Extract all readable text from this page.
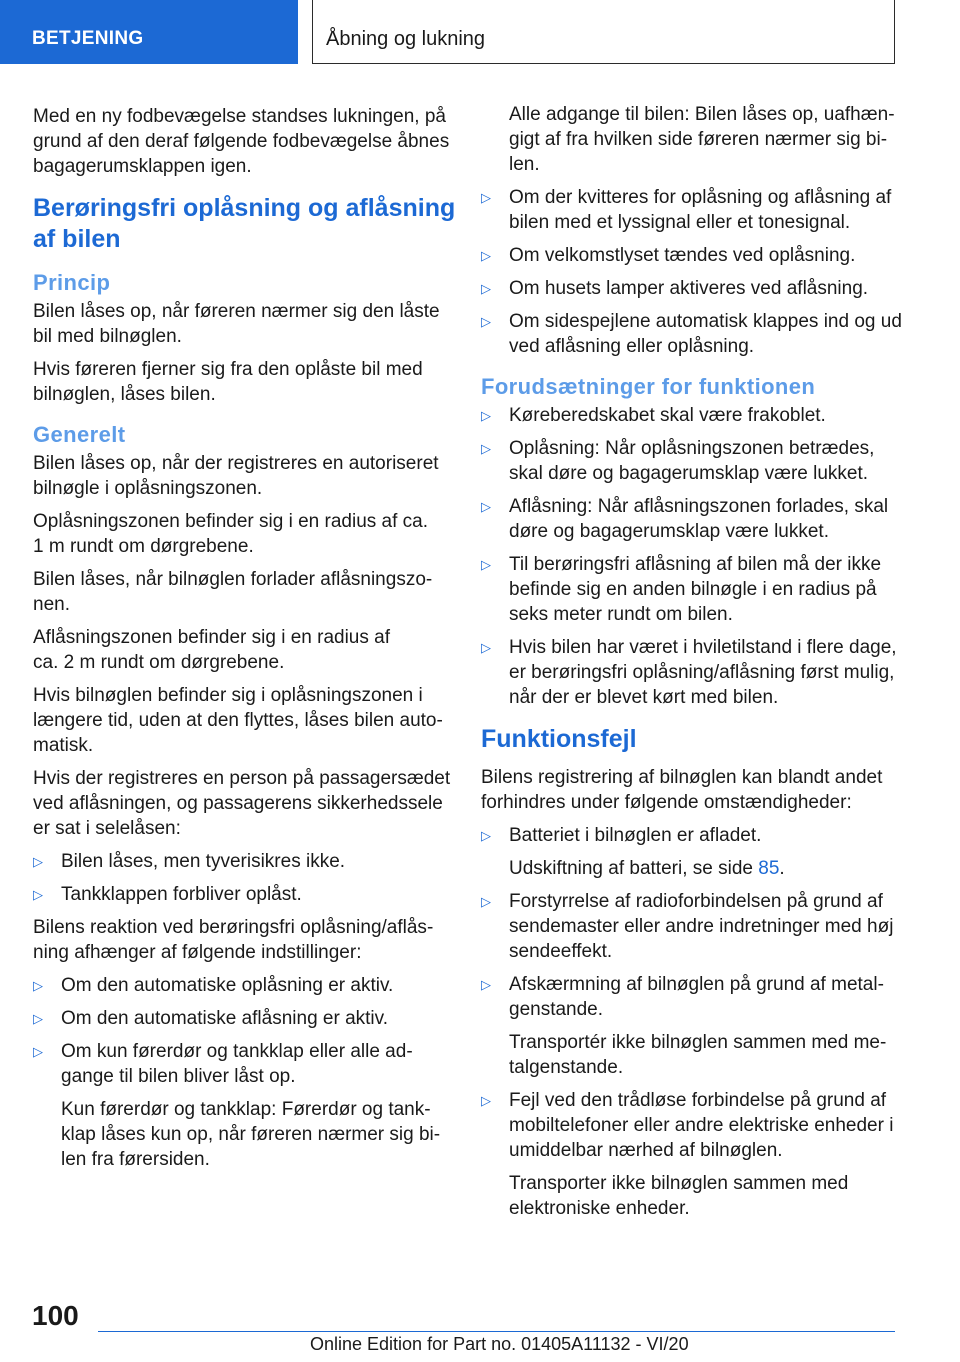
BETJENING	Åbning og lukning

Med en ny fodbevægelse standses lukningen, på grund af den deraf følgende fodbevægelse åbnes bagagerumsklappen igen.

Berøringsfri oplåsning og aflåsning af bilen
Princip

Bilen låses op, når føreren nærmer sig den låste bil med bilnøglen.

Hvis føreren fjerner sig fra den oplåste bil med bilnøglen, låses bilen.

Generelt

Bilen låses op, når der registreres en autoriseret bilnøgle i oplåsningszonen.

Oplåsningszonen befinder sig i en radius af ca.
1 m rundt om dørgrebene.

Bilen låses, når bilnøglen forlader aflåsningszonen.

Aflåsningszonen befinder sig i en radius af
ca. 2 m rundt om dørgrebene.

Hvis bilnøglen befinder sig i oplåsningszonen i længere tid, uden at den flyttes, låses bilen automatisk.

Hvis der registreres en person på passagersædet ved aflåsningen, og passagerens sikkerhedssele er sat i selelåsen:

▷ Bilen låses, men tyverisikres ikke.
▷ Tankklappen forbliver oplåst.

Bilens reaktion ved berøringsfri oplåsning/aflåsning afhænger af følgende indstillinger:

▷ Om den automatiske oplåsning er aktiv.
▷ Om den automatiske aflåsning er aktiv.
▷ Om kun førerdør og tankklap eller alle adgange til bilen bliver låst op.

Kun førerdør og tankklap: Førerdør og tankklap låses kun op, når føreren nærmer sig bilen fra førersiden.

Alle adgange til bilen: Bilen låses op, uafhængigt af fra hvilken side føreren nærmer sig bilen.
▷ Om der kvitteres for oplåsning og aflåsning af bilen med et lyssignal eller et tonesignal.
▷ Om velkomstlyset tændes ved oplåsning.
▷ Om husets lamper aktiveres ved aflåsning.
▷ Om sidespejlene automatisk klappes ind og ud ved aflåsning eller oplåsning.
Forudsætninger for funktionen
▷ Køreberedskabet skal være frakoblet.
▷ Oplåsning: Når oplåsningszonen betrædes, skal døre og bagagerumsklap være lukket.
▷ Aflåsning: Når aflåsningszonen forlades, skal døre og bagagerumsklap være lukket.
▷ Til berøringsfri aflåsning af bilen må der ikke befinde sig en anden bilnøgle i en radius på seks meter rundt om bilen.
▷ Hvis bilen har været i hviletilstand i flere dage, er berøringsfri oplåsning/aflåsning først mulig, når der er blevet kørt med bilen.
Funktionsfejl

Bilens registrering af bilnøglen kan blandt andet forhindres under følgende omstændigheder:

▷ Batteriet i bilnøglen er afladet.

Udskiftning af batteri, se side 85.

▷ Forstyrrelse af radioforbindelsen på grund af sendemaster eller andre indretninger med høj sendeeffekt.
▷ Afskærmning af bilnøglen på grund af metalgenstande.

Transportér ikke bilnøglen sammen med metalgenstande.

▷ Fejl ved den trådløse forbindelse på grund af mobiltelefoner eller andre elektriske enheder i umiddelbar nærhed af bilnøglen.

Transporter ikke bilnøglen sammen med elektroniske enheder.

100
Online Edition for Part no. 01405A11132 - VI/20
